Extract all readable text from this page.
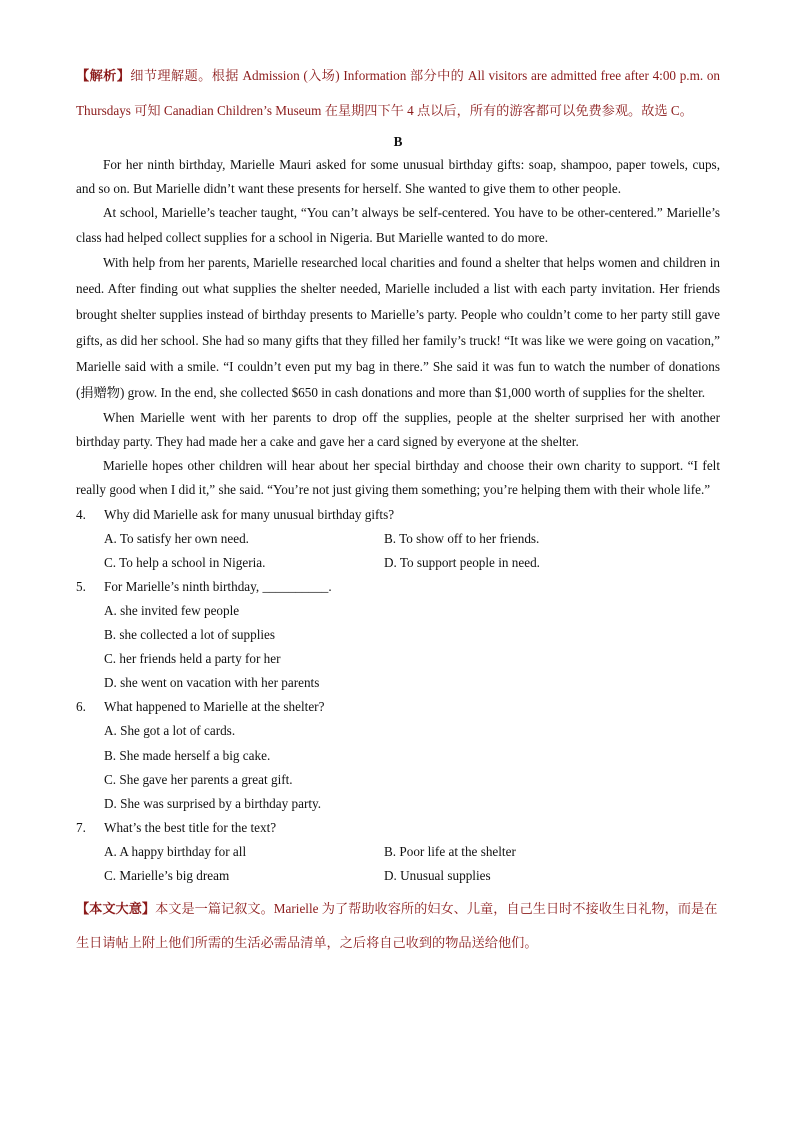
【解析】细节理解题。根据 Admission (入场) Information 部分中的 All visitors are admitted free after 4:00 p.m. on Thursdays 可知 Canadian Children’s Museum 在星期四下午 4 点以后，所有的游客都可以免费参观。故选 C。
B
For her ninth birthday, Marielle Mauri asked for some unusual birthday gifts: soap, shampoo, paper towels, cups, and so on. But Marielle didn’t want these presents for herself. She wanted to give them to other people.
At school, Marielle’s teacher taught, “You can’t always be self-centered. You have to be other-centered.” Marielle’s class had helped collect supplies for a school in Nigeria. But Marielle wanted to do more.
With help from her parents, Marielle researched local charities and found a shelter that helps women and children in need. After finding out what supplies the shelter needed, Marielle included a list with each party invitation. Her friends brought shelter supplies instead of birthday presents to Marielle’s party. People who couldn’t come to her party still gave gifts, as did her school. She had so many gifts that they filled her family’s truck! “It was like we were going on vacation,” Marielle said with a smile. “I couldn’t even put my bag in there.” She said it was fun to watch the number of donations (捐赠物) grow. In the end, she collected $650 in cash donations and more than $1,000 worth of supplies for the shelter.
When Marielle went with her parents to drop off the supplies, people at the shelter surprised her with another birthday party. They had made her a cake and gave her a card signed by everyone at the shelter.
Marielle hopes other children will hear about her special birthday and choose their own charity to support. “I felt really good when I did it,” she said. “You’re not just giving them something; you’re helping them with their whole life.”
4.	Why did Marielle ask for many unusual birthday gifts?
A. To satisfy her own need.	B. To show off to her friends.
C. To help a school in Nigeria.	D. To support people in need.
5.	For Marielle’s ninth birthday, __________.
A. she invited few people
B. she collected a lot of supplies
C. her friends held a party for her
D. she went on vacation with her parents
6.	What happened to Marielle at the shelter?
A. She got a lot of cards.
B. She made herself a big cake.
C. She gave her parents a great gift.
D. She was surprised by a birthday party.
7.	What’s the best title for the text?
A. A happy birthday for all	B. Poor life at the shelter
C. Marielle’s big dream	D. Unusual supplies
【本文大意】本文是一篇记叙文。Marielle 为了帮助收容所的妇女、儿童，自己生日时不接收生日礼物，而是在生日请帖上附上他们所需的生活必需品清单，之后将自己收到的物品送给他们。
